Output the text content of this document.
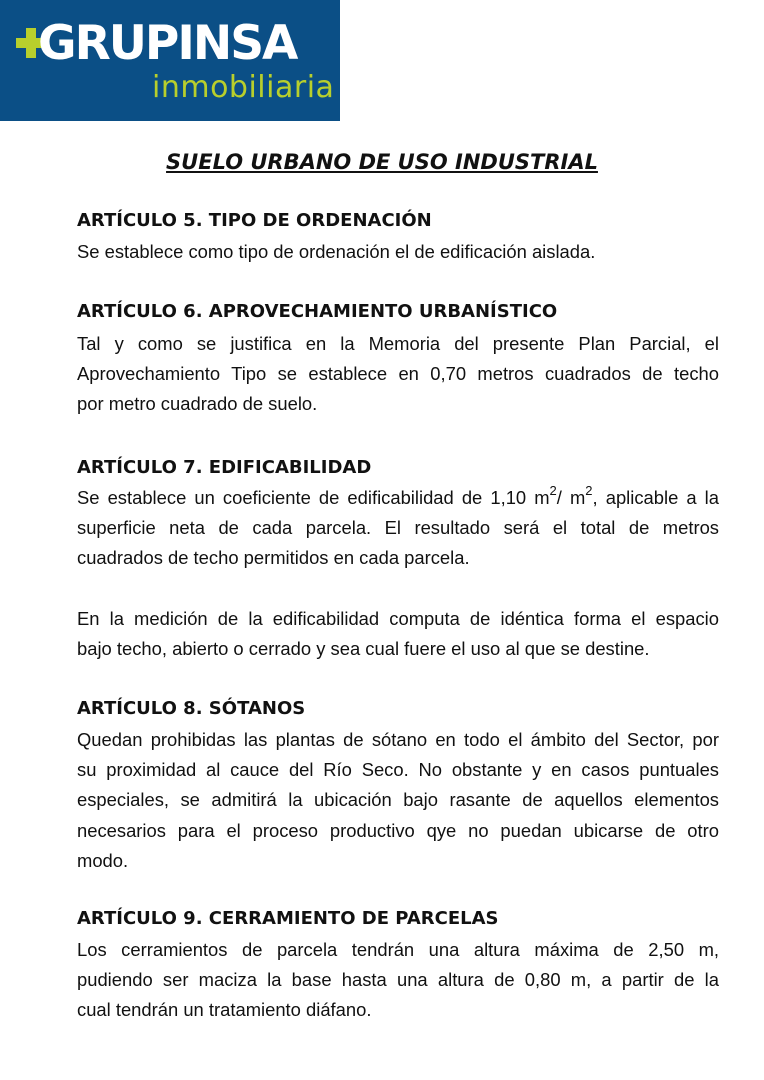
GRUPINSA
inmobiliaria
SUELO URBANO DE USO INDUSTRIAL
ARTÍCULO 5. TIPO DE ORDENACIÓN
Se establece como tipo de ordenación el de edificación aislada.
ARTÍCULO 6. APROVECHAMIENTO URBANÍSTICO
Tal y como se justifica en la Memoria del presente Plan Parcial, el
Aprovechamiento Tipo se establece en 0,70 metros cuadrados de techo
por metro cuadrado de suelo.
ARTÍCULO 7. EDIFICABILIDAD
Se establece un coeficiente de edificabilidad de 1,10 $m^2/$ $m^2$, aplicable a la
superficie neta de cada parcela. El resultado será el total de metros
cuadrados de techo permitidos en cada parcela.
En la medición de la edificabilidad computa de idéntica forma el espacio
bajo techo, abierto o cerrado y sea cual fuere el uso al que se destine.
ARTÍCULO 8. SÓTANOS
Quedan prohibidas las plantas de sótano en todo el ámbito del Sector, por
su proximidad al cauce del Río Seco. No obstante y en casos puntuales
especiales, se admitirá la ubicación bajo rasante de aquellos elementos
necesarios para el proceso productivo qye no puedan ubicarse de otro
modo.
ARTÍCULO 9. CERRAMIENTO DE PARCELAS
Los cerramientos de parcela tendrán una altura máxima de 2,50 m,
pudiendo ser maciza la base hasta una altura de 0,80 m, a partir de la
cual tendrán un tratamiento diáfano.
